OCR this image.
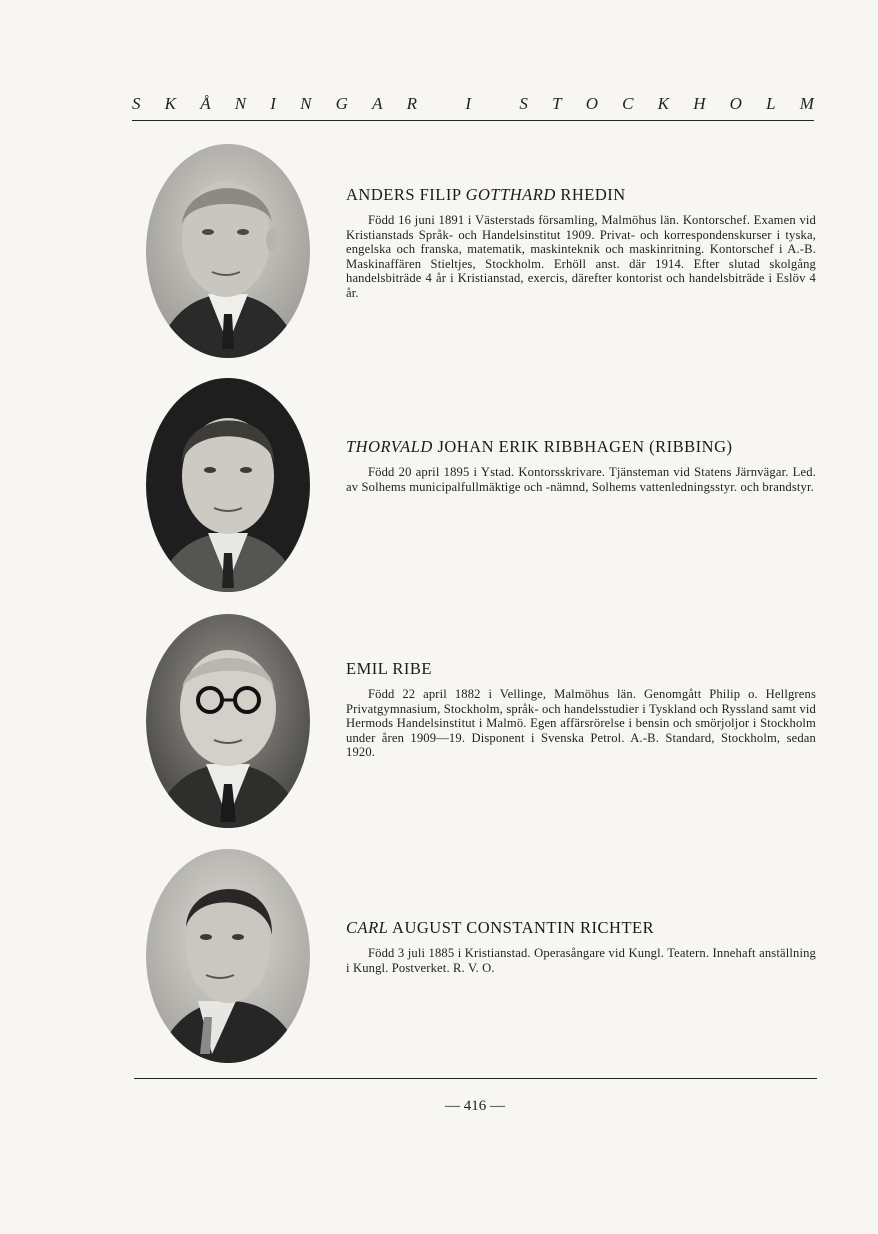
S K Å N I N G A R	I	S T O C K H O L M

ANDERS FILIP GOTTHARD RHEDIN

Född 16 juni 1891 i Västerstads församling, Malmöhus län. Kontorschef. Examen vid Kristianstads Språk- och Handelsinstitut 1909. Privat- och korrespondenskurser i tyska, engelska och franska, matematik, maskinteknik och maskinritning. Kontorschef i A.-B. Maskinaffären Stieltjes, Stockholm. Erhöll anst. där 1914. Efter slutad skolgång handelsbiträde 4 år i Kristianstad, exercis, därefter kontorist och handelsbiträde i Eslöv 4 år.

THORVALD JOHAN ERIK RIBBHAGEN (RIBBING)

Född 20 april 1895 i Ystad. Kontorsskrivare. Tjänsteman vid Statens Järnvägar. Led. av Solhems municipalfullmäktige och -nämnd, Solhems vattenledningsstyr. och brandstyr.

EMIL RIBE

Född 22 april 1882 i Vellinge, Malmöhus län. Genomgått Philip o. Hellgrens Privatgymnasium, Stockholm, språk- och handelsstudier i Tyskland och Ryssland samt vid Hermods Handelsinstitut i Malmö. Egen affärsrörelse i bensin och smörjoljor i Stockholm under åren 1909—19. Disponent i Svenska Petrol. A.-B. Standard, Stockholm, sedan 1920.

CARL AUGUST CONSTANTIN RICHTER

Född 3 juli 1885 i Kristianstad. Operasångare vid Kungl. Teatern. Innehaft anställning i Kungl. Postverket. R. V. O.

— 416 —
